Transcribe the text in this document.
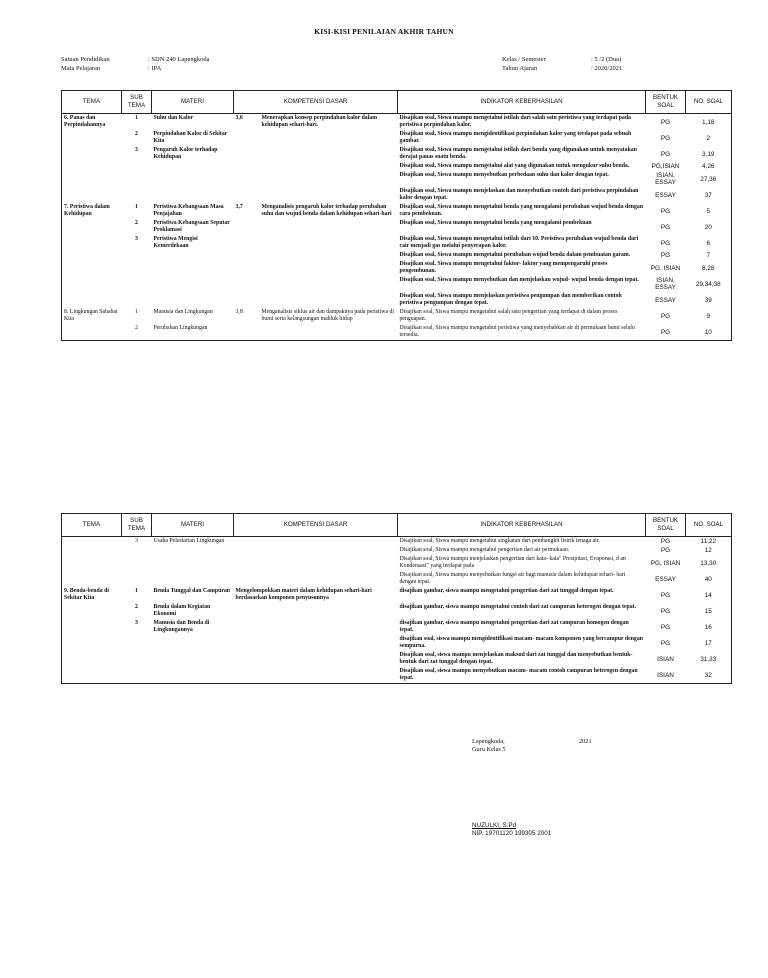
KISI-KISI PENILAIAN AKHIR TAHUN
Satuan Pendidikan	: SDN 240 Lapengkoda
Mata Pelajaran	: IPA
Kelas / Semester	: 5 /2 (Dua)
Tahun Ajaran	: 2020/2021
TEMA	SUB TEMA	MATERI	KOMPETENSI DASAR		INDIKATOR KEBERHASILAN	BENTUK SOAL	NO. SOAL
6. Panas dan Perpindahannya	1	Suhu dan Kalor	3,6	Menerapkan konsep perpindahan kalor dalam kehidupan sehari-hari.	Disajikan soal, Siswa mampu mengetahui istilah dari salah satu peristiwa yang terdapat pada peristiwa perpindahan kalor.	PG	1,18
	2	Perpindahan Kalor di Sekitar Kita			Disajikan soal, Siswa mampu mengidentifikasi perpindahan kalor yang terdapat pada sebuah gambar.	PG	2
	3	Pengaruh Kalor terhadap Kehidupan			Disajikan soal, Siswa mampu mengetahui istilah dari benda yang digunakan untuk menyatakan derajat panas suatu benda.	PG	3,19
					Disajikan soal, Siswa mampu mengetahui alat yang digunakan untuk mengukur suhu benda.	PG,ISIAN	4,26
					Disajikan soal, Siswa mampu menyebutkan perbedaan suhu dan kalor dengan tepat.	ISIAN, ESSAY	27,36
					Disajikan soal, Siswa mampu menjelaskan dan menyebutkan contoh dari peristiwa perpindahan kalor dengan tepat.	ESSAY	37
7. Peristiwa dalam Kehidupan	1	Peristiwa Kebangsaan Masa Penjajahan	3,7	Menganalisis pengaruh kalor terhadap perubahan suhu dan wujud benda dalam kehidupan sehari-hari	Disajikan soal, Siswa mampu mengetahui benda yang mengalami perubahan wujud benda dengan cara pembekuan.	PG	5
	2	Peristiwa Kebangsaan Seputar Proklamasi			Disajikan soal, Siswa mampu mengetahui benda yang mengalami pembekuan	PG	20
	3	Peristiwa Mengisi Kemerdekaan			Disajikan soal, Siswa mampu mengetahui istilah dari 10. Peristiwa perubahan wujud benda dari cair menjadi gas melalui penyerapan kalor.	PG	6
					Disajikan soal, Siswa mampu mengetahui perubahan wujud benda dalam pembuatan garam.	PG	7
					Disajikan soal, Siswa mampu mengetahui faktor- faktor yang mempengaruhi proses pengembunan.	PG, ISIAN	8,28
					Disajikan soal, Siswa mampu menyebutkan dan menjelaskan wujud- wujud benda dengan tepat.	ISIAN, ESSAY	29,34,38
					Disajikan soal, Siswa mampu menjelaskan peristiwa pengumpan dan memberikan contoh peristiwa pengumpan dengan tepat.	ESSAY	39
8. Lingkungan Sahabat Kita	1	Manusia dan Lingkungan	3,8	Menganalisis siklus air dan dampaknya pada peristiwa di bumi serta kelangsungan mahluk hidup	Disajikan soal, Siswa mampu mengetahui salah satu pengertian yang terdapat di dalam proses penguapan.	PG	9
	2	Perubahan Lingkungan			Disajikan soal, Siswa mampu mengetahui peristiwa yang menyebabkan air di permukaan bumi selalu tersedia.	PG	10
TEMA	SUB TEMA	MATERI	KOMPETENSI DASAR	INDIKATOR KEBERHASILAN	BENTUK SOAL	NO. SOAL
	3	Usaha Pelestarian Lingkungan		Disajikan soal, Siswa mampu mengetahui singkatan dari pembangkit listrik tenaga air.	PG	11,22
				Disajikan soal, Siswa mampu mengetahui pengertian dari air permukaan.	PG	12
				Disajikan soal, Siswa mampu menjelaskan pengertian dari kata- kata" Presipitasi, Evaporasi, d an Kondensasi" yang terdapat pada	PG, ISIAN	13,30
				Disajikan soal, Siswa mampu menyebutkan fungsi air bagi manusia dalam kehidupan sehari- hari dengan tepat.	ESSAY	40
9. Benda-benda di Sekitar Kita	1	Benda Tunggal dan Campuran	Mengelompokkan materi dalam kehidupan sehari-hari berdasarkan komponen penyusunnya	disajikan gambar, siswa mampu mengetahui pengertian dari zat tunggal dengan tepat.	PG	14
	2	Benda dalam Kegiatan Ekonomi		disajikan gambar, siswa mampu mengetahui contoh dari zat campuran heterogen dengan tepat.	PG	15
	3	Manusia dan Benda di Lingkungannya		disajikan gambar, siswa mampu mengetahui pengertian dari zat campuran homogen dengan tepat.	PG	16
				disajikan soal, siswa mampu mengidentifikasi macam- macam komponen yang bercampur dengan sempurna.	PG	17
				Disajikan soal, siswa mampu menjelaskan maksud dari zat tunggal dan menyebutkan bentuk- bentuk dari zat tunggal dengan tepat.	ISIAN	31,33
				Disajikan soal, siswa mampu menyebutkan macam- macam contoh campuran heterogen dengan tepat.	ISIAN	32
Lapengkoda,	2021
Guru Kelas 5
NUZULKI, S.Pd
NIP. 19701120 199305 2001
